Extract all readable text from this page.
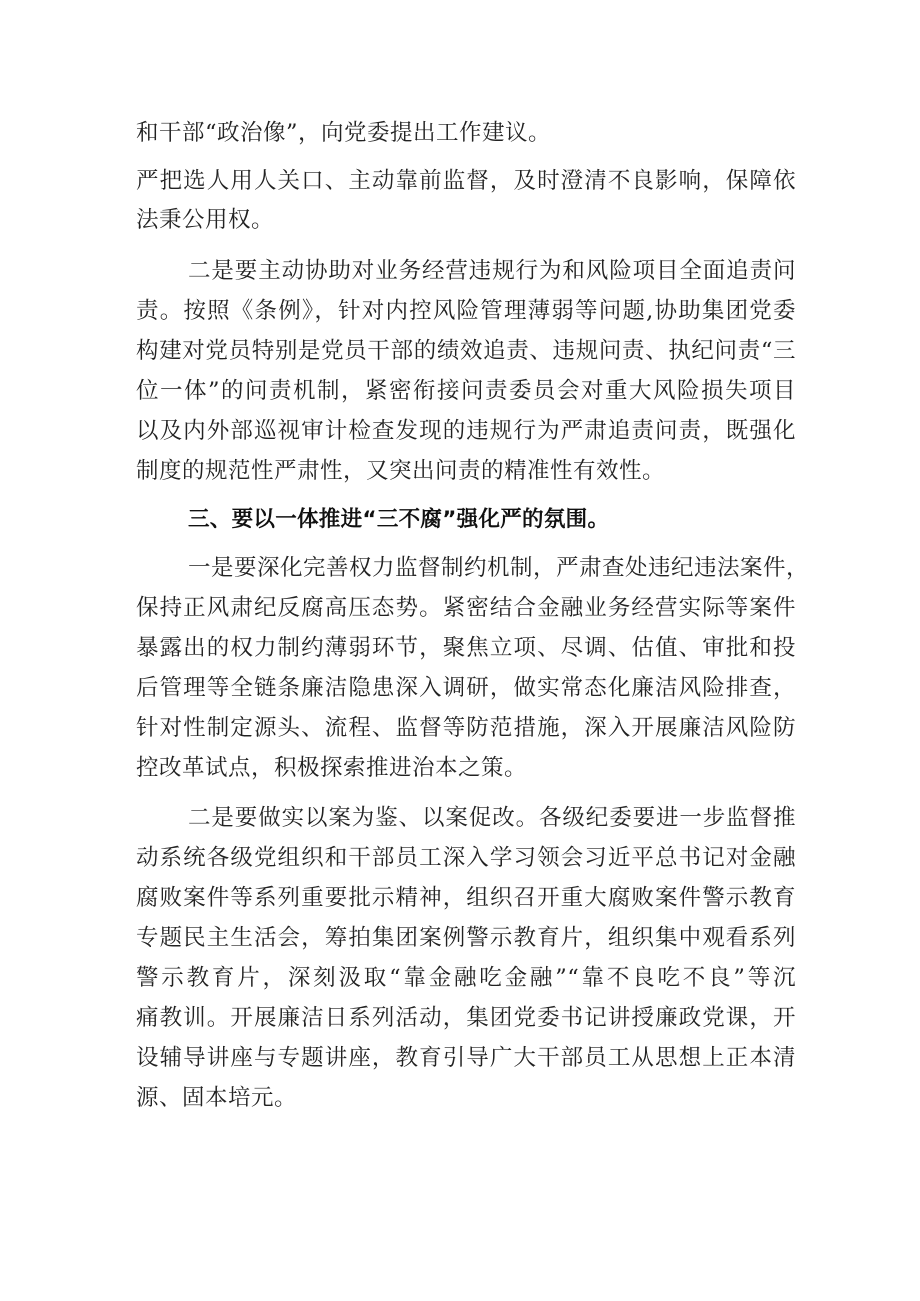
和干部“政治像”，向党委提出工作建议。
严把选人用人关口、主动靠前监督，及时澄清不良影响，保障依
法秉公用权。
二是要主动协助对业务经营违规行为和风险项目全面追责问
责。按照《条例》，针对内控风险管理薄弱等问题,协助集团党委
构建对党员特别是党员干部的绩效追责、违规问责、执纪问责“三
位一体”的问责机制，紧密衔接问责委员会对重大风险损失项目
以及内外部巡视审计检查发现的违规行为严肃追责问责，既强化
制度的规范性严肃性，又突出问责的精准性有效性。
三、要以一体推进“三不腐”强化严的氛围。
一是要深化完善权力监督制约机制，严肃查处违纪违法案件，
保持正风肃纪反腐高压态势。紧密结合金融业务经营实际等案件
暴露出的权力制约薄弱环节，聚焦立项、尽调、估值、审批和投
后管理等全链条廉洁隐患深入调研，做实常态化廉洁风险排查，
针对性制定源头、流程、监督等防范措施，深入开展廉洁风险防
控改革试点，积极探索推进治本之策。
二是要做实以案为鉴、以案促改。各级纪委要进一步监督推
动系统各级党组织和干部员工深入学习领会习近平总书记对金融
腐败案件等系列重要批示精神，组织召开重大腐败案件警示教育
专题民主生活会，筹拍集团案例警示教育片，组织集中观看系列
警示教育片，深刻汲取“靠金融吃金融”“靠不良吃不良”等沉
痛教训。开展廉洁日系列活动，集团党委书记讲授廉政党课，开
设辅导讲座与专题讲座，教育引导广大干部员工从思想上正本清
源、固本培元。
